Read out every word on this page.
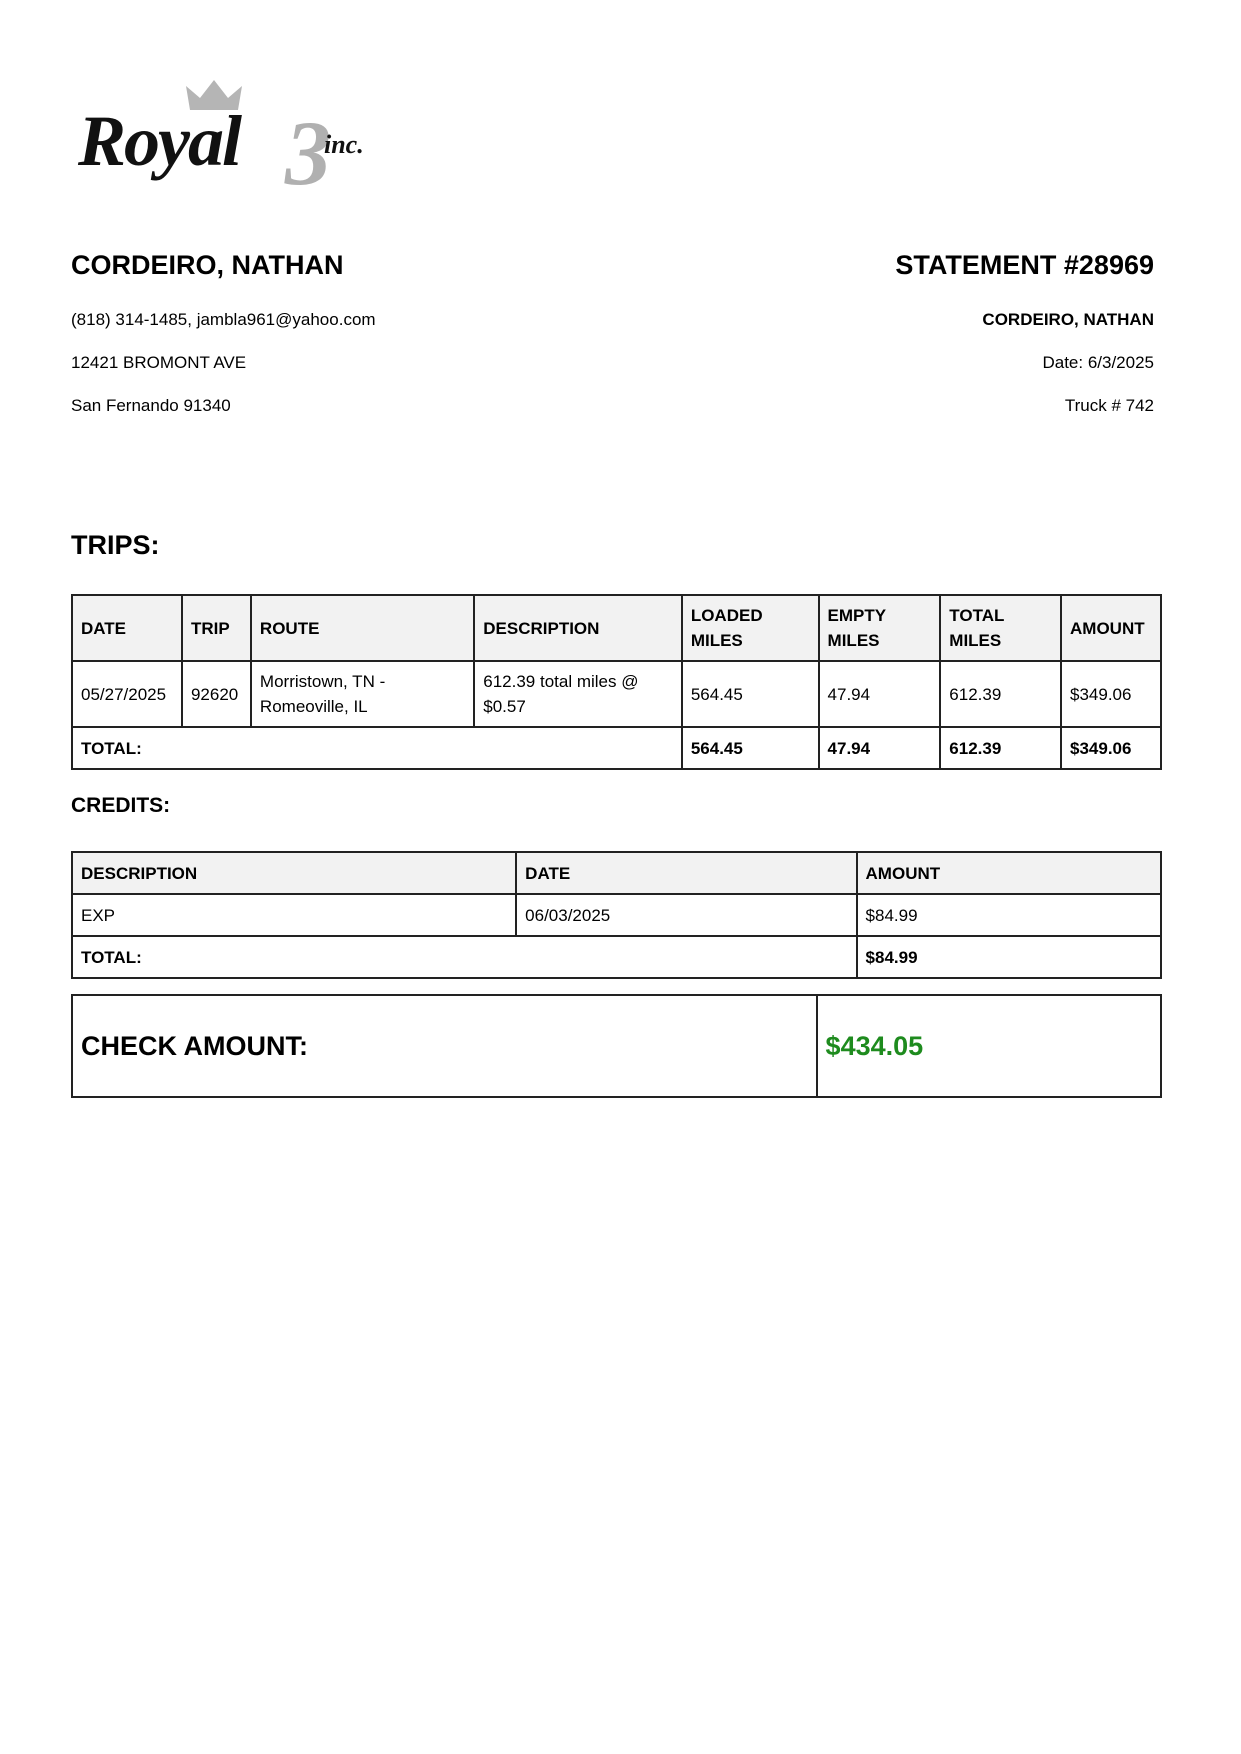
Royal 3
inc.
CORDEIRO, NATHAN
(818) 314-1485, jambla961@yahoo.com
12421 BROMONT AVE
San Fernando 91340
STATEMENT #28969
CORDEIRO, NATHAN
Date: 6/3/2025
Truck # 742
TRIPS:
DATE	TRIP	ROUTE	DESCRIPTION	LOADED MILES	EMPTY MILES	TOTAL MILES	AMOUNT
05/27/2025	92620	Morristown, TN - Romeoville, IL	612.39 total miles @ $0.57	564.45	47.94	612.39	$349.06
TOTAL:				564.45	47.94	612.39	$349.06
CREDITS:
DESCRIPTION	DATE	AMOUNT
EXP	06/03/2025	$84.99
TOTAL:		$84.99
CHECK AMOUNT:	$434.05
